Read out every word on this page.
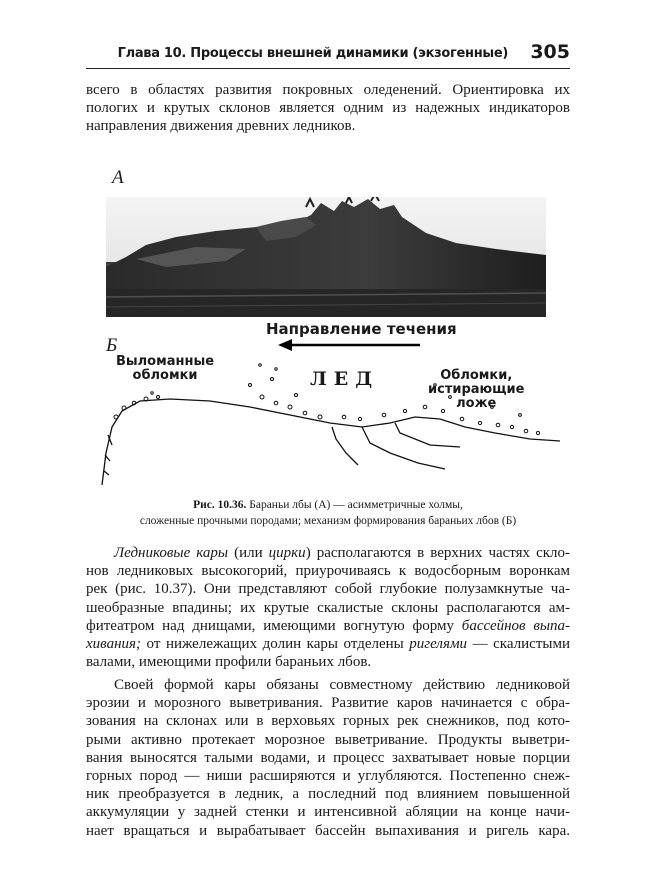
Глава 10. Процессы внешней динамики (экзогенные) 305
всего в областях развития покровных оледенений. Ориентировка их
пологих и крутых склонов является одним из надежных индикаторов
направления движения древних ледников.
А
Б
Направление течения
Выломанные
обломки	ЛЕД	Обломки,
истирающие
ложе
Рис. 10.36. Бараньи лбы (А) — асимметричные холмы,
сложенные прочными породами; механизм формирования бараньих лбов (Б)
Ледниковые кары (или цирки) располагаются в верхних частях скло-
нов ледниковых высокогорий, приурочиваясь к водосборным воронкам
рек (рис. 10.37). Они представляют собой глубокие полузамкнутые ча-
шеобразные впадины; их крутые скалистые склоны располагаются ам-
фитеатром над днищами, имеющими вогнутую форму бассейнов выпа-
хивания; от нижележащих долин кары отделены ригелями — скалистыми
валами, имеющими профили бараньих лбов.
Своей формой кары обязаны совместному действию ледниковой
эрозии и морозного выветривания. Развитие каров начинается с обра-
зования на склонах или в верховьях горных рек снежников, под кото-
рыми активно протекает морозное выветривание. Продукты выветри-
вания выносятся талыми водами, и процесс захватывает новые порции
горных пород — ниши расширяются и углубляются. Постепенно снеж-
ник преобразуется в ледник, а последний под влиянием повышенной
аккумуляции у задней стенки и интенсивной абляции на конце начи-
нает вращаться и вырабатывает бассейн выпахивания и ригель кара.
